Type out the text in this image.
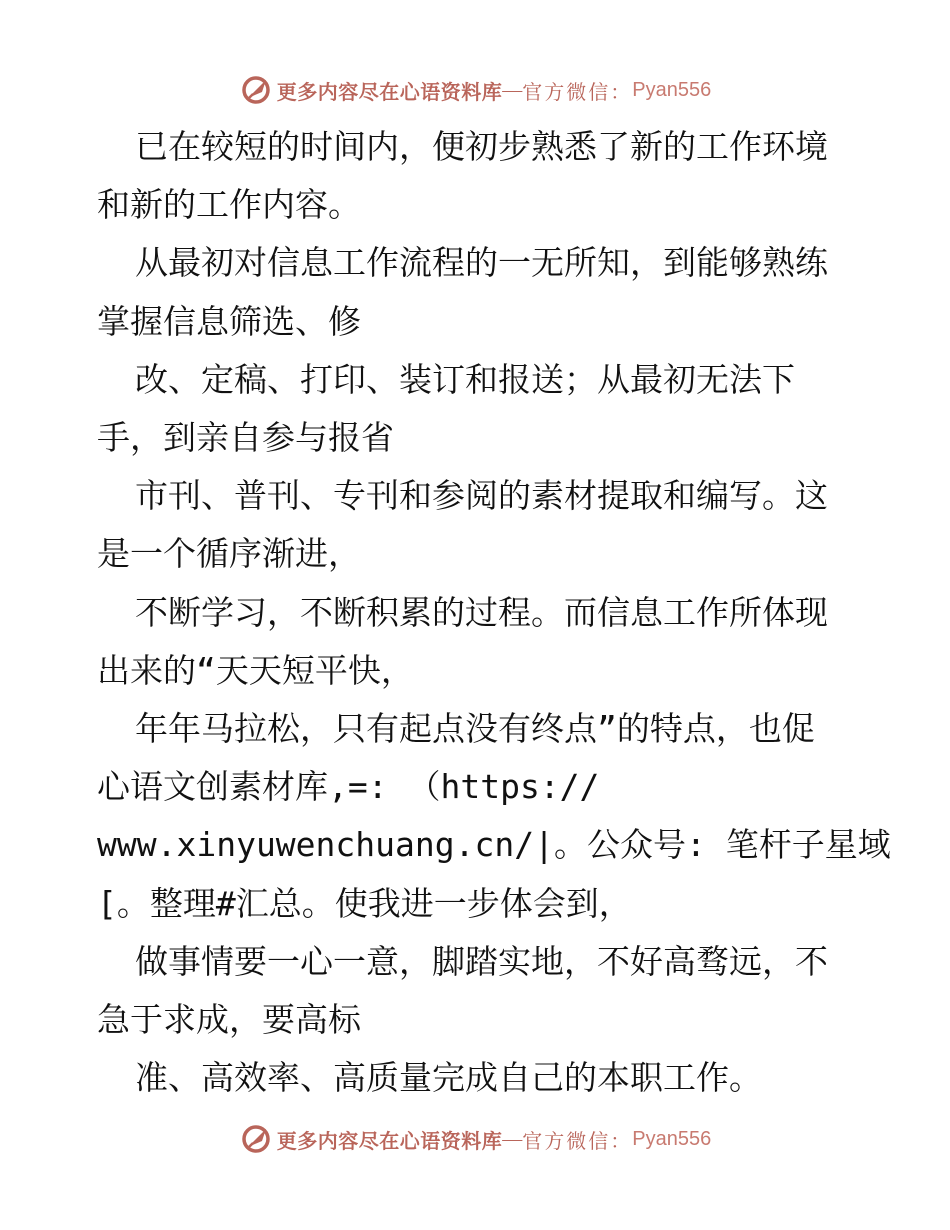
更多内容尽在心语资料库 — 官方微信： Pyan556
已在较短的时间内，便初步熟悉了新的工作环境
和新的工作内容。
从最初对信息工作流程的一无所知，到能够熟练
掌握信息筛选、修
改、定稿、打印、装订和报送；从最初无法下
手，到亲自参与报省
市刊、普刊、专刊和参阅的素材提取和编写。这
是一个循序渐进，
不断学习，不断积累的过程。而信息工作所体现
出来的“天天短平快，
年年马拉松，只有起点没有终点”的特点，也促
心语文创素材库,=: （https://
www.xinyuwenchuang.cn/|。公众号: 笔杆子星域
[。整理#汇总。使我进一步体会到，
做事情要一心一意，脚踏实地，不好高骛远，不
急于求成，要高标
准、高效率、高质量完成自己的本职工作。
更多内容尽在心语资料库 — 官方微信： Pyan556
